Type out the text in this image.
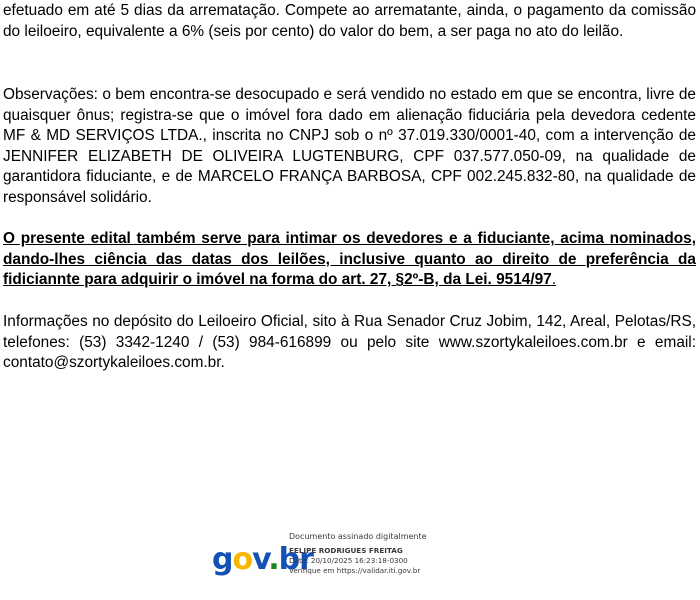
efetuado em até 5 dias da arrematação. Compete ao arrematante, ainda, o pagamento da comissão do leiloeiro, equivalente a 6% (seis por cento) do valor do bem, a ser paga no ato do leilão.

Observações: o bem encontra-se desocupado e será vendido no estado em que se encontra, livre de quaisquer ônus; registra-se que o imóvel fora dado em alienação fiduciária pela devedora cedente MF & MD SERVIÇOS LTDA., inscrita no CNPJ sob o nº 37.019.330/0001-40, com a intervenção de JENNIFER ELIZABETH DE OLIVEIRA LUGTENBURG, CPF 037.577.050-09, na qualidade de garantidora fiduciante, e de MARCELO FRANÇA BARBOSA, CPF 002.245.832-80, na qualidade de responsável solidário.

O presente edital também serve para intimar os devedores e a fiduciante, acima nominados, dando-lhes ciência das datas dos leilões, inclusive quanto ao direito de preferência da fidiciannte para adquirir o imóvel na forma do art. 27, §2º-B, da Lei. 9514/97.

Informações no depósito do Leiloeiro Oficial, sito à Rua Senador Cruz Jobim, 142, Areal, Pelotas/RS, telefones: (53) 3342-1240 / (53) 984-616899 ou pelo site www.szortykaleiloes.com.br e email: contato@szortykaleiloes.com.br.

gov.br
Documento assinado digitalmente
FELIPE RODRIGUES FREITAG
Data: 20/10/2025 16:23:18-0300
Verifique em https://validar.iti.gov.br
